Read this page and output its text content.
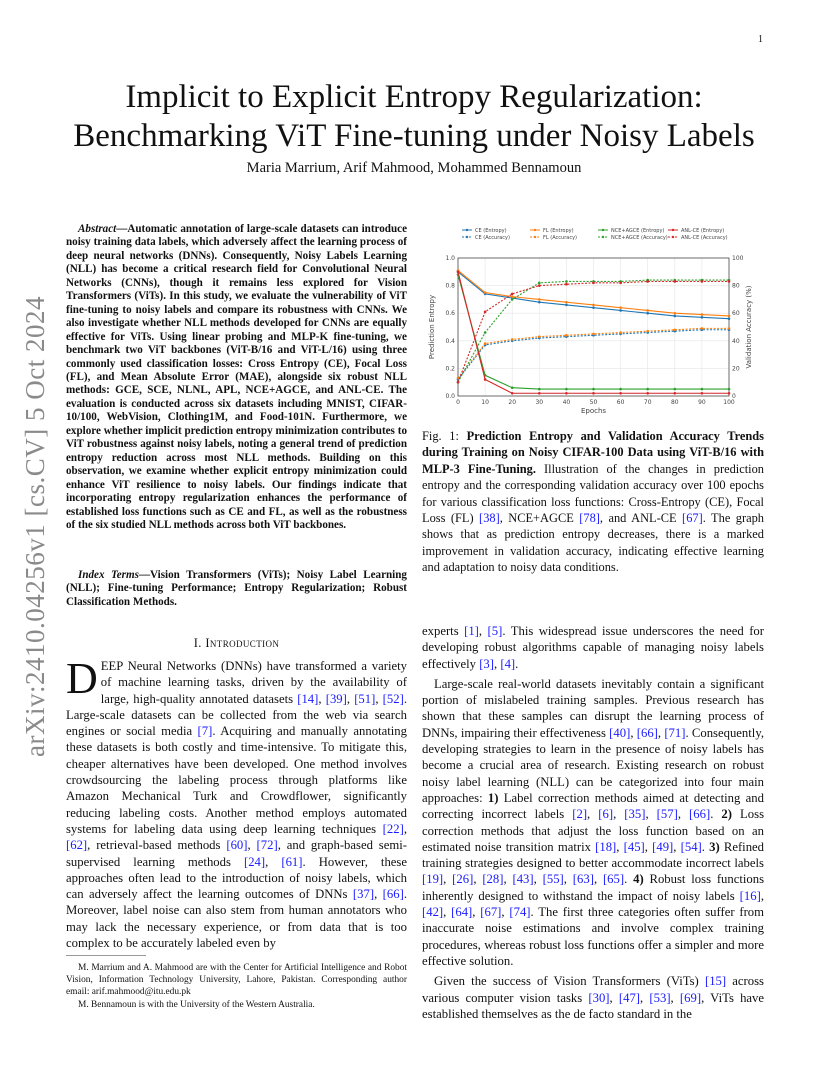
1
arXiv:2410.04256v1 [cs.CV] 5 Oct 2024
Implicit to Explicit Entropy Regularization:
Benchmarking ViT Fine-tuning under Noisy Labels
Maria Marrium, Arif Mahmood, Mohammed Bennamoun
Abstract—Automatic annotation of large-scale datasets can introduce noisy training data labels, which adversely affect the learning process of deep neural networks (DNNs). Consequently, Noisy Labels Learning (NLL) has become a critical research field for Convolutional Neural Networks (CNNs), though it remains less explored for Vision Transformers (ViTs). In this study, we evaluate the vulnerability of ViT fine-tuning to noisy labels and compare its robustness with CNNs. We also investigate whether NLL methods developed for CNNs are equally effective for ViTs. Using linear probing and MLP-K fine-tuning, we benchmark two ViT backbones (ViT-B/16 and ViT-L/16) using three commonly used classification losses: Cross Entropy (CE), Focal Loss (FL), and Mean Absolute Error (MAE), alongside six robust NLL methods: GCE, SCE, NLNL, APL, NCE+AGCE, and ANL-CE. The evaluation is conducted across six datasets including MNIST, CIFAR-10/100, WebVision, Clothing1M, and Food-101N. Furthermore, we explore whether implicit prediction entropy minimization contributes to ViT robustness against noisy labels, noting a general trend of prediction entropy reduction across most NLL methods. Building on this observation, we examine whether explicit entropy minimization could enhance ViT resilience to noisy labels. Our findings indicate that incorporating entropy regularization enhances the performance of established loss functions such as CE and FL, as well as the robustness of the six studied NLL methods across both ViT backbones.
Index Terms—Vision Transformers (ViTs); Noisy Label Learning (NLL); Fine-tuning Performance; Entropy Regularization; Robust Classification Methods.
I. Introduction
DEEP Neural Networks (DNNs) have transformed a variety of machine learning tasks, driven by the availability of large, high-quality annotated datasets [ 14 ] , [ 39 ] , [ 51 ] , [ 52 ] . Large-scale datasets can be collected from the web via search engines or social media [ 7 ] . Acquiring and manually annotating these datasets is both costly and time-intensive. To mitigate this, cheaper alternatives have been developed. One method involves crowdsourcing the labeling process through platforms like Amazon Mechanical Turk and Crowdflower, significantly reducing labeling costs. Another method employs automated systems for labeling data using deep learning techniques [ 22 ] , [ 62 ] , retrieval-based methods [ 60 ] , [ 72 ] , and graph-based semi-supervised learning methods [ 24 ] , [ 61 ] . However, these approaches often lead to the introduction of noisy labels, which can adversely affect the learning outcomes of DNNs [ 37 ] , [ 66 ] . Moreover, label noise can also stem from human annotators who may lack the necessary experience, or from data that is too complex to be accurately labeled even by

M. Marrium and A. Mahmood are with the Center for Artificial Intelligence and Robot Vision, Information Technology University, Lahore, Pakistan. Corresponding author email: arif.mahmood@itu.edu.pk

M. Bennamoun is with the University of the Western Australia.

0	10	20	30	40	50	60	70	80	90	100
0.0
0.2
0.4
0.6
0.8
1.0
0
20
40
60
80
100
Epochs
Prediction Entropy	Validation Accuracy (%)
CE (Entropy)
CE (Accuracy)
FL (Entropy)
FL (Accuracy)
NCE+AGCE (Entropy)
NCE+AGCE (Accuracy)
ANL-CE (Entropy)
ANL-CE (Accuracy)
Fig. 1: Prediction Entropy and Validation Accuracy Trends during Training on Noisy CIFAR-100 Data using ViT-B/16 with MLP-3 Fine-Tuning. Illustration of the changes in prediction entropy and the corresponding validation accuracy over 100 epochs for various classification loss functions: Cross-Entropy (CE), Focal Loss (FL) [ 38 ] , NCE+AGCE [ 78 ] , and ANL-CE [ 67 ] . The graph shows that as prediction entropy decreases, there is a marked improvement in validation accuracy, indicating effective learning and adaptation to noisy data conditions.

experts [ 1 ] , [ 5 ] . This widespread issue underscores the need for developing robust algorithms capable of managing noisy labels effectively [ 3 ] , [ 4 ] .

Large-scale real-world datasets inevitably contain a significant portion of mislabeled training samples. Previous research has shown that these samples can disrupt the learning process of DNNs, impairing their effectiveness [ 40 ] , [ 66 ] , [ 71 ] . Consequently, developing strategies to learn in the presence of noisy labels has become a crucial area of research. Existing research on robust noisy label learning (NLL) can be categorized into four main approaches: 1) Label correction methods aimed at detecting and correcting incorrect labels [ 2 ] , [ 6 ] , [ 35 ] , [ 57 ] , [ 66 ] . 2) Loss correction methods that adjust the loss function based on an estimated noise transition matrix [ 18 ] , [ 45 ] , [ 49 ] , [ 54 ] . 3) Refined training strategies designed to better accommodate incorrect labels [ 19 ] , [ 26 ] , [ 28 ] , [ 43 ] , [ 55 ] , [ 63 ] , [ 65 ] . 4) Robust loss functions inherently designed to withstand the impact of noisy labels [ 16 ] , [ 42 ] , [ 64 ] , [ 67 ] , [ 74 ] . The first three categories often suffer from inaccurate noise estimations and involve complex training procedures, whereas robust loss functions offer a simpler and more effective solution.

Given the success of Vision Transformers (ViTs) [ 15 ] across various computer vision tasks [ 30 ] , [ 47 ] , [ 53 ] , [ 69 ] , ViTs have established themselves as the de facto standard in the
